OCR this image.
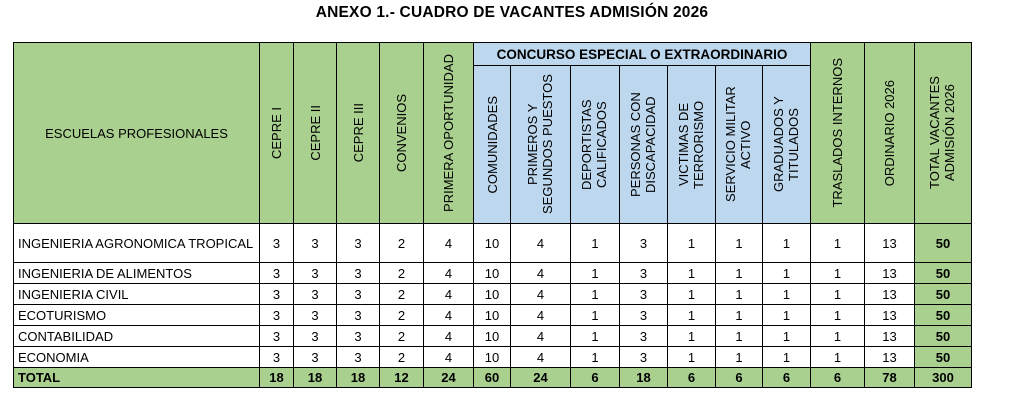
ANEXO 1.- CUADRO DE VACANTES ADMISIÓN 2026
ESCUELAS PROFESIONALES	CEPRE I	CEPRE II	CEPRE III	CONVENIOS	PRIMERA OPORTUNIDAD	CONCURSO ESPECIAL O EXTRAORDINARIO							TRASLADOS INTERNOS	ORDINARIO 2026	TOTAL VACANTES ADMISIÓN 2026

						COMUNIDADES	PRIMEROS Y SEGUNDOS PUESTOS	DEPORTISTAS CALIFICADOS	PERSONAS CON DISCAPACIDAD	VICTIMAS DE TERRORISMO	SERVICIO MILITAR ACTIVO	GRADUADOS Y TITULADOS			

INGENIERIA AGRONOMICA TROPICAL	3	3	3	2	4	10	4	1	3	1	1	1	1	13	50
INGENIERIA DE ALIMENTOS	3	3	3	2	4	10	4	1	3	1	1	1	1	13	50
INGENIERIA CIVIL	3	3	3	2	4	10	4	1	3	1	1	1	1	13	50
ECOTURISMO	3	3	3	2	4	10	4	1	3	1	1	1	1	13	50
CONTABILIDAD	3	3	3	2	4	10	4	1	3	1	1	1	1	13	50
ECONOMIA	3	3	3	2	4	10	4	1	3	1	1	1	1	13	50
TOTAL	18	18	18	12	24	60	24	6	18	6	6	6	6	78	300
